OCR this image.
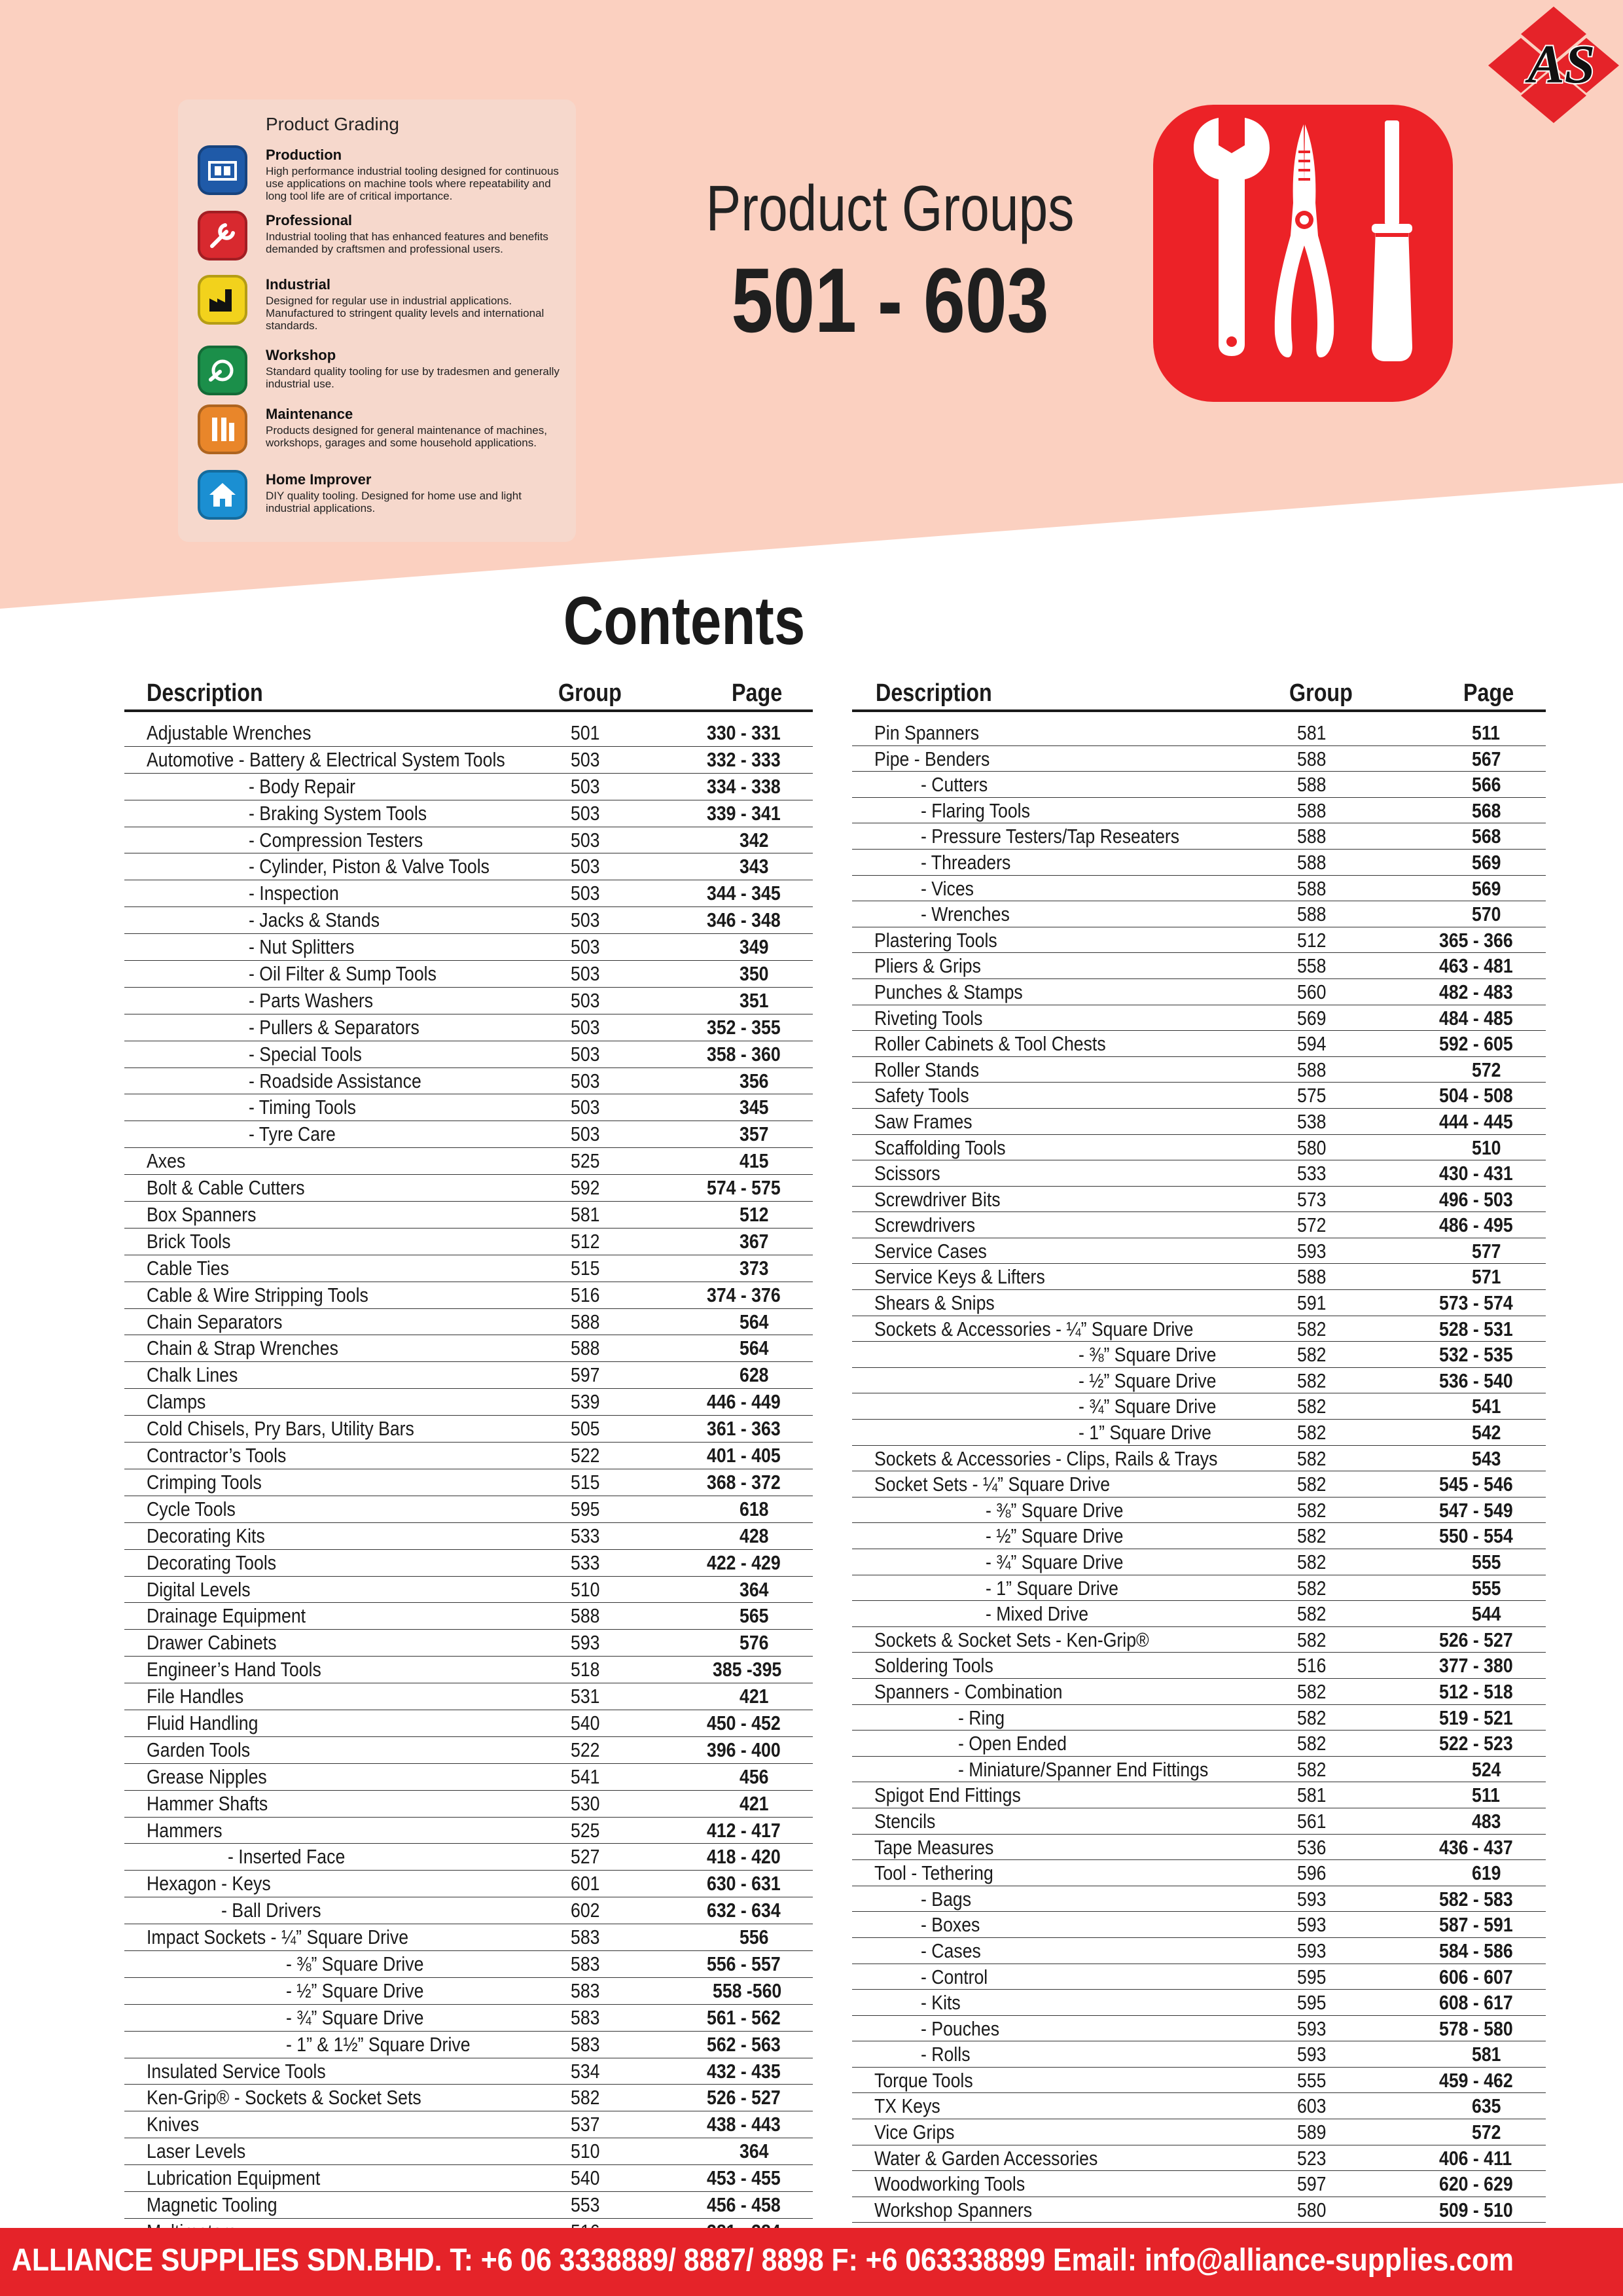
AS
Product Grading
Production
High performance industrial tooling designed for continuous use applications on machine tools where repeatability and long tool life are of critical importance.
Professional
Industrial tooling that has enhanced features and benefits demanded by craftsmen and professional users.
Industrial
Designed for regular use in industrial applications. Manufactured to stringent quality levels and international standards.
Workshop
Standard quality tooling for use by tradesmen and generally industrial use.
Maintenance
Products designed for general maintenance of machines, workshops, garages and some household applications.
Home Improver
DIY quality tooling. Designed for home use and light industrial applications.
Product Groups
501 - 603
Contents
Description	Group	Page
Adjustable Wrenches	501	330 - 331
Automotive - Battery & Electrical System Tools	503	332 - 333
- Body Repair	503	334 - 338
- Braking System Tools	503	339 - 341
- Compression Testers	503	342
- Cylinder, Piston & Valve Tools	503	343
- Inspection	503	344 - 345
- Jacks & Stands	503	346 - 348
- Nut Splitters	503	349
- Oil Filter & Sump Tools	503	350
- Parts Washers	503	351
- Pullers & Separators	503	352 - 355
- Special Tools	503	358 - 360
- Roadside Assistance	503	356
- Timing Tools	503	345
- Tyre Care	503	357
Axes	525	415
Bolt & Cable Cutters	592	574 - 575
Box Spanners	581	512
Brick Tools	512	367
Cable Ties	515	373
Cable & Wire Stripping Tools	516	374 - 376
Chain Separators	588	564
Chain & Strap Wrenches	588	564
Chalk Lines	597	628
Clamps	539	446 - 449
Cold Chisels, Pry Bars, Utility Bars	505	361 - 363
Contractor’s Tools	522	401 - 405
Crimping Tools	515	368 - 372
Cycle Tools	595	618
Decorating Kits	533	428
Decorating Tools	533	422 - 429
Digital Levels	510	364
Drainage Equipment	588	565
Drawer Cabinets	593	576
Engineer’s Hand Tools	518	385 -395
File Handles	531	421
Fluid Handling	540	450 - 452
Garden Tools	522	396 - 400
Grease Nipples	541	456
Hammer Shafts	530	421
Hammers	525	412 - 417
- Inserted Face	527	418 - 420
Hexagon - Keys	601	630 - 631
- Ball Drivers	602	632 - 634
Impact Sockets - ¼” Square Drive	583	556
- ⅜” Square Drive	583	556 - 557
- ½” Square Drive	583	558 -560
- ¾” Square Drive	583	561 - 562
- 1” & 1½” Square Drive	583	562 - 563
Insulated Service Tools	534	432 - 435
Ken-Grip® - Sockets & Socket Sets	582	526 - 527
Knives	537	438 - 443
Laser Levels	510	364
Lubrication Equipment	540	453 - 455
Magnetic Tooling	553	456 - 458
Description	Group	Page
Pin Spanners	581	511
Pipe - Benders	588	567
- Cutters	588	566
- Flaring Tools	588	568
- Pressure Testers/Tap Reseaters	588	568
- Threaders	588	569
- Vices	588	569
- Wrenches	588	570
Plastering Tools	512	365 - 366
Pliers & Grips	558	463 - 481
Punches & Stamps	560	482 - 483
Riveting Tools	569	484 - 485
Roller Cabinets & Tool Chests	594	592 - 605
Roller Stands	588	572
Safety Tools	575	504 - 508
Saw Frames	538	444 - 445
Scaffolding Tools	580	510
Scissors	533	430 - 431
Screwdriver Bits	573	496 - 503
Screwdrivers	572	486 - 495
Service Cases	593	577
Service Keys & Lifters	588	571
Shears & Snips	591	573 - 574
Sockets & Accessories - ¼” Square Drive	582	528 - 531
- ⅜” Square Drive	582	532 - 535
- ½” Square Drive	582	536 - 540
- ¾” Square Drive	582	541
- 1” Square Drive	582	542
Sockets & Accessories - Clips, Rails & Trays	582	543
Socket Sets - ¼” Square Drive	582	545 - 546
- ⅜” Square Drive	582	547 - 549
- ½” Square Drive	582	550 - 554
- ¾” Square Drive	582	555
- 1” Square Drive	582	555
- Mixed Drive	582	544
Sockets & Socket Sets - Ken-Grip®	582	526 - 527
Soldering Tools	516	377 - 380
Spanners - Combination	582	512 - 518
- Ring	582	519 - 521
- Open Ended	582	522 - 523
- Miniature/Spanner End Fittings	582	524
Spigot End Fittings	581	511
Stencils	561	483
Tape Measures	536	436 - 437
Tool - Tethering	596	619
- Bags	593	582 - 583
- Boxes	593	587 - 591
- Cases	593	584 - 586
- Control	595	606 - 607
- Kits	595	608 - 617
- Pouches	593	578 - 580
- Rolls	593	581
Torque Tools	555	459 - 462
TX Keys	603	635
Vice Grips	589	572
Water & Garden Accessories	523	406 - 411
Woodworking Tools	597	620 - 629
Workshop Spanners	580	509 - 510
ALLIANCE SUPPLIES SDN.BHD. T: +6 06 3338889/ 8887/ 8898 F: +6 063338899 Email: info@alliance-supplies.com
